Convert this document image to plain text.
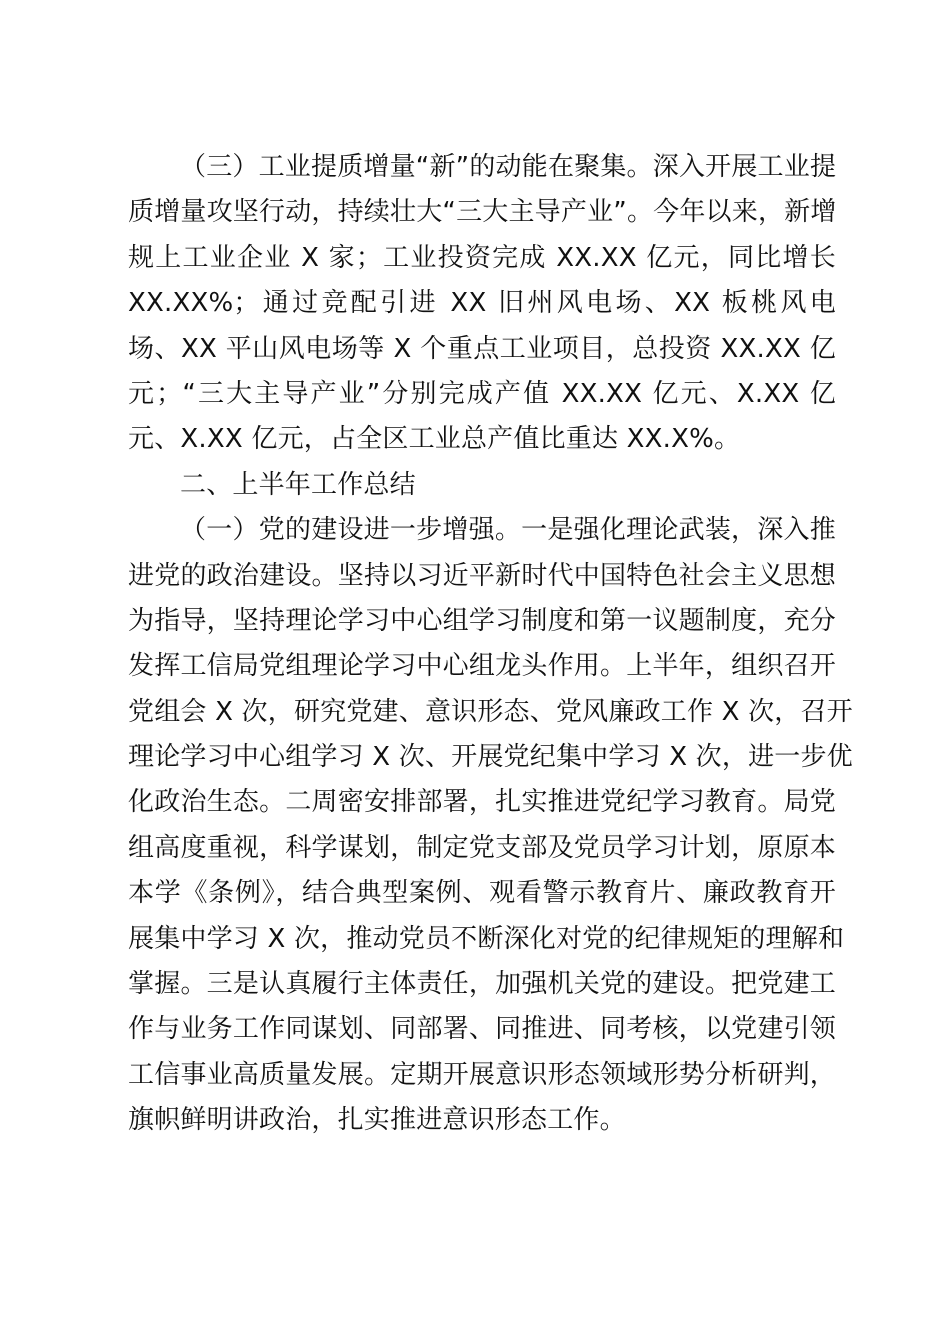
（三）工业提质增量“新”的动能在聚集。深入开展工业提
质增量攻坚行动，持续壮大“三大主导产业”。今年以来，新增
规上工业企业 X 家；工业投资完成 XX.XX 亿元，同比增长
XX.XX%；通过竞配引进 XX 旧州风电场、XX 板桃风电
场、XX 平山风电场等 X 个重点工业项目，总投资 XX.XX 亿
元；“三大主导产业”分别完成产值 XX.XX 亿元、X.XX 亿
元、X.XX 亿元，占全区工业总产值比重达 XX.X%。
二、上半年工作总结
（一）党的建设进一步增强。一是强化理论武装，深入推
进党的政治建设。坚持以习近平新时代中国特色社会主义思想
为指导，坚持理论学习中心组学习制度和第一议题制度，充分
发挥工信局党组理论学习中心组龙头作用。上半年，组织召开
党组会 X 次，研究党建、意识形态、党风廉政工作 X 次，召开
理论学习中心组学习 X 次、开展党纪集中学习 X 次，进一步优
化政治生态。二周密安排部署，扎实推进党纪学习教育。局党
组高度重视，科学谋划，制定党支部及党员学习计划，原原本
本学《条例》，结合典型案例、观看警示教育片、廉政教育开
展集中学习 X 次，推动党员不断深化对党的纪律规矩的理解和
掌握。三是认真履行主体责任，加强机关党的建设。把党建工
作与业务工作同谋划、同部署、同推进、同考核，以党建引领
工信事业高质量发展。定期开展意识形态领域形势分析研判，
旗帜鲜明讲政治，扎实推进意识形态工作。
